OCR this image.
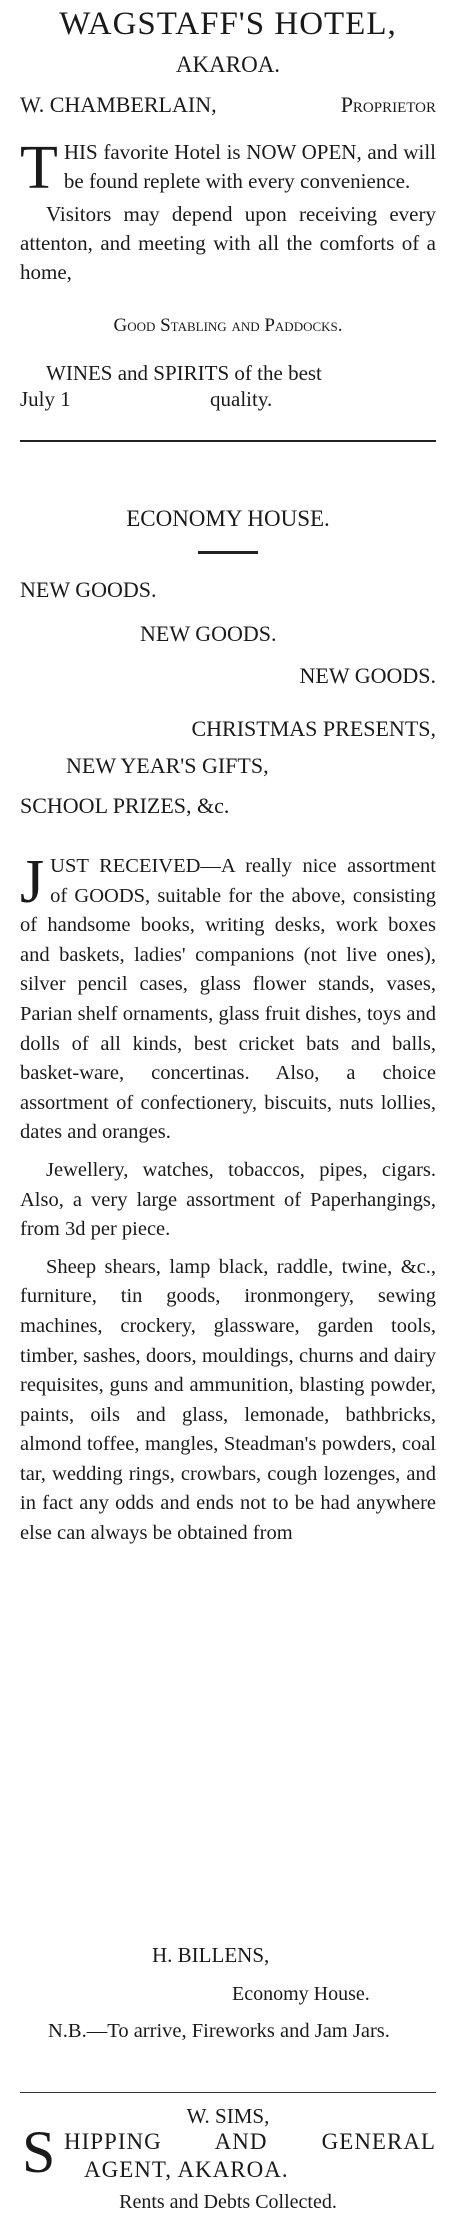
WAGSTAFF'S HOTEL,
AKAROA.
W. CHAMBERLAIN,	Proprietor

THIS favorite Hotel is NOW OPEN, and will be found replete with every convenience.

Visitors may depend upon receiving every attenton, and meeting with all the comforts of a home,

Good Stabling and Paddocks.
WINES and SPIRITS of the best
July 1	quality.
ECONOMY HOUSE.
NEW GOODS.
NEW GOODS.
NEW GOODS.
CHRISTMAS PRESENTS,
NEW YEAR'S GIFTS,
SCHOOL PRIZES, &c.

JUST RECEIVED—A really nice assortment of GOODS, suitable for the above, consisting of handsome books, writing desks, work boxes and baskets, ladies' companions (not live ones), silver pencil cases, glass flower stands, vases, Parian shelf ornaments, glass fruit dishes, toys and dolls of all kinds, best cricket bats and balls, basket-ware, concertinas. Also, a choice assortment of confectionery, biscuits, nuts lollies, dates and oranges.

Jewellery, watches, tobaccos, pipes, cigars. Also, a very large assortment of Paperhangings, from 3d per piece.

Sheep shears, lamp black, raddle, twine, &c., furniture, tin goods, ironmongery, sewing machines, crockery, glassware, garden tools, timber, sashes, doors, mouldings, churns and dairy requisites, guns and ammunition, blasting powder, paints, oils and glass, lemonade, bathbricks, almond toffee, mangles, Steadman's powders, coal tar, wedding rings, crowbars, cough lozenges, and in fact any odds and ends not to be had anywhere else can always be obtained from

H. BILLENS,
Economy House.
N.B.—To arrive, Fireworks and Jam Jars.
W. SIMS,
S HIPPING AND GENERAL
AGENT, AKAROA.
Rents and Debts Collected.
